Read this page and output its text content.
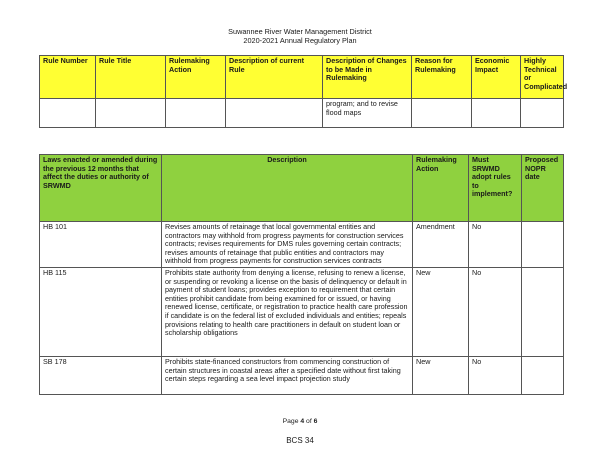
Suwannee River Water Management District
2020-2021 Annual Regulatory Plan
Rule Number	Rule Title	Rulemaking Action	Description of current Rule	Description of Changes to be Made in Rulemaking	Reason for Rulemaking	Economic Impact	Highly Technical or Complicated
				program; and to revise flood maps			
Laws enacted or amended during the previous 12 months that affect the duties or authority of SRWMD	Description	Rulemaking Action	Must SRWMD adopt rules to implement?	Proposed NOPR date
HB 101	Revises amounts of retainage that local governmental entities and contractors may withhold from progress payments for construction services contracts; revises requirements for DMS rules governing certain contracts; revises amounts of retainage that public entities and contractors may withhold from progress payments for construction services contracts	Amendment	No	
HB 115	Prohibits state authority from denying a license, refusing to renew a license, or suspending or revoking a license on the basis of delinquency or default in payment of student loans; provides exception to requirement that certain entities prohibit candidate from being examined for or issued, or having renewed license, certificate, or registration to practice health care profession if candidate is on the federal list of excluded individuals and entities; repeals provisions relating to health care practitioners in default on student loan or scholarship obligations	New	No	
SB 178	Prohibits state-financed constructors from commencing construction of certain structures in coastal areas after a specified date without first taking certain steps regarding a sea level impact projection study	New	No	
Page 4 of 6
BCS 34
